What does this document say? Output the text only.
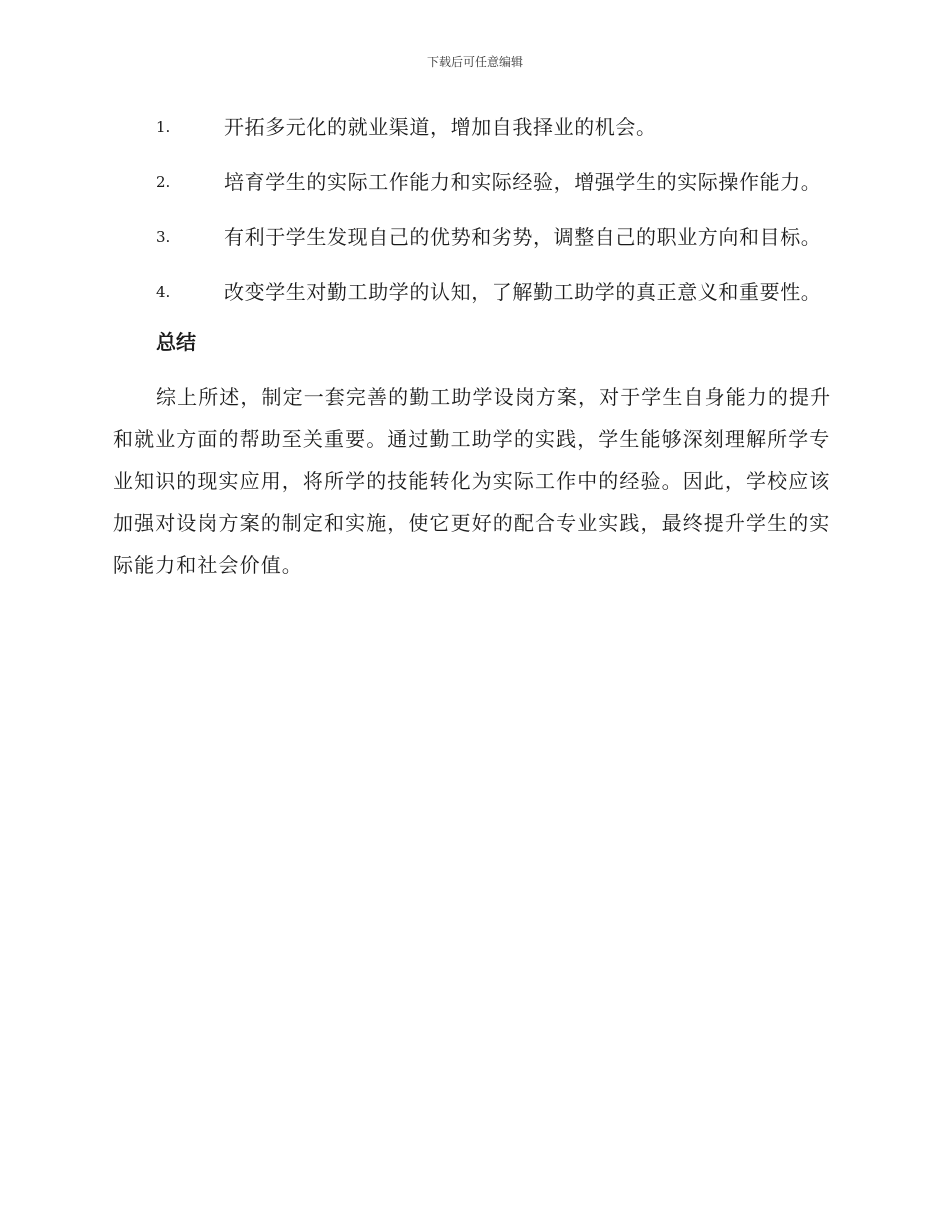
下载后可任意编辑
1.	开拓多元化的就业渠道，增加自我择业的机会。
2.	培育学生的实际工作能力和实际经验，增强学生的实际操作能力。
3.	有利于学生发现自己的优势和劣势，调整自己的职业方向和目标。
4.	改变学生对勤工助学的认知，了解勤工助学的真正意义和重要性。
总结

综上所述，制定一套完善的勤工助学设岗方案，对于学生自身能力的提升和就业方面的帮助至关重要。通过勤工助学的实践，学生能够深刻理解所学专业知识的现实应用，将所学的技能转化为实际工作中的经验。因此，学校应该加强对设岗方案的制定和实施，使它更好的配合专业实践，最终提升学生的实际能力和社会价值。
